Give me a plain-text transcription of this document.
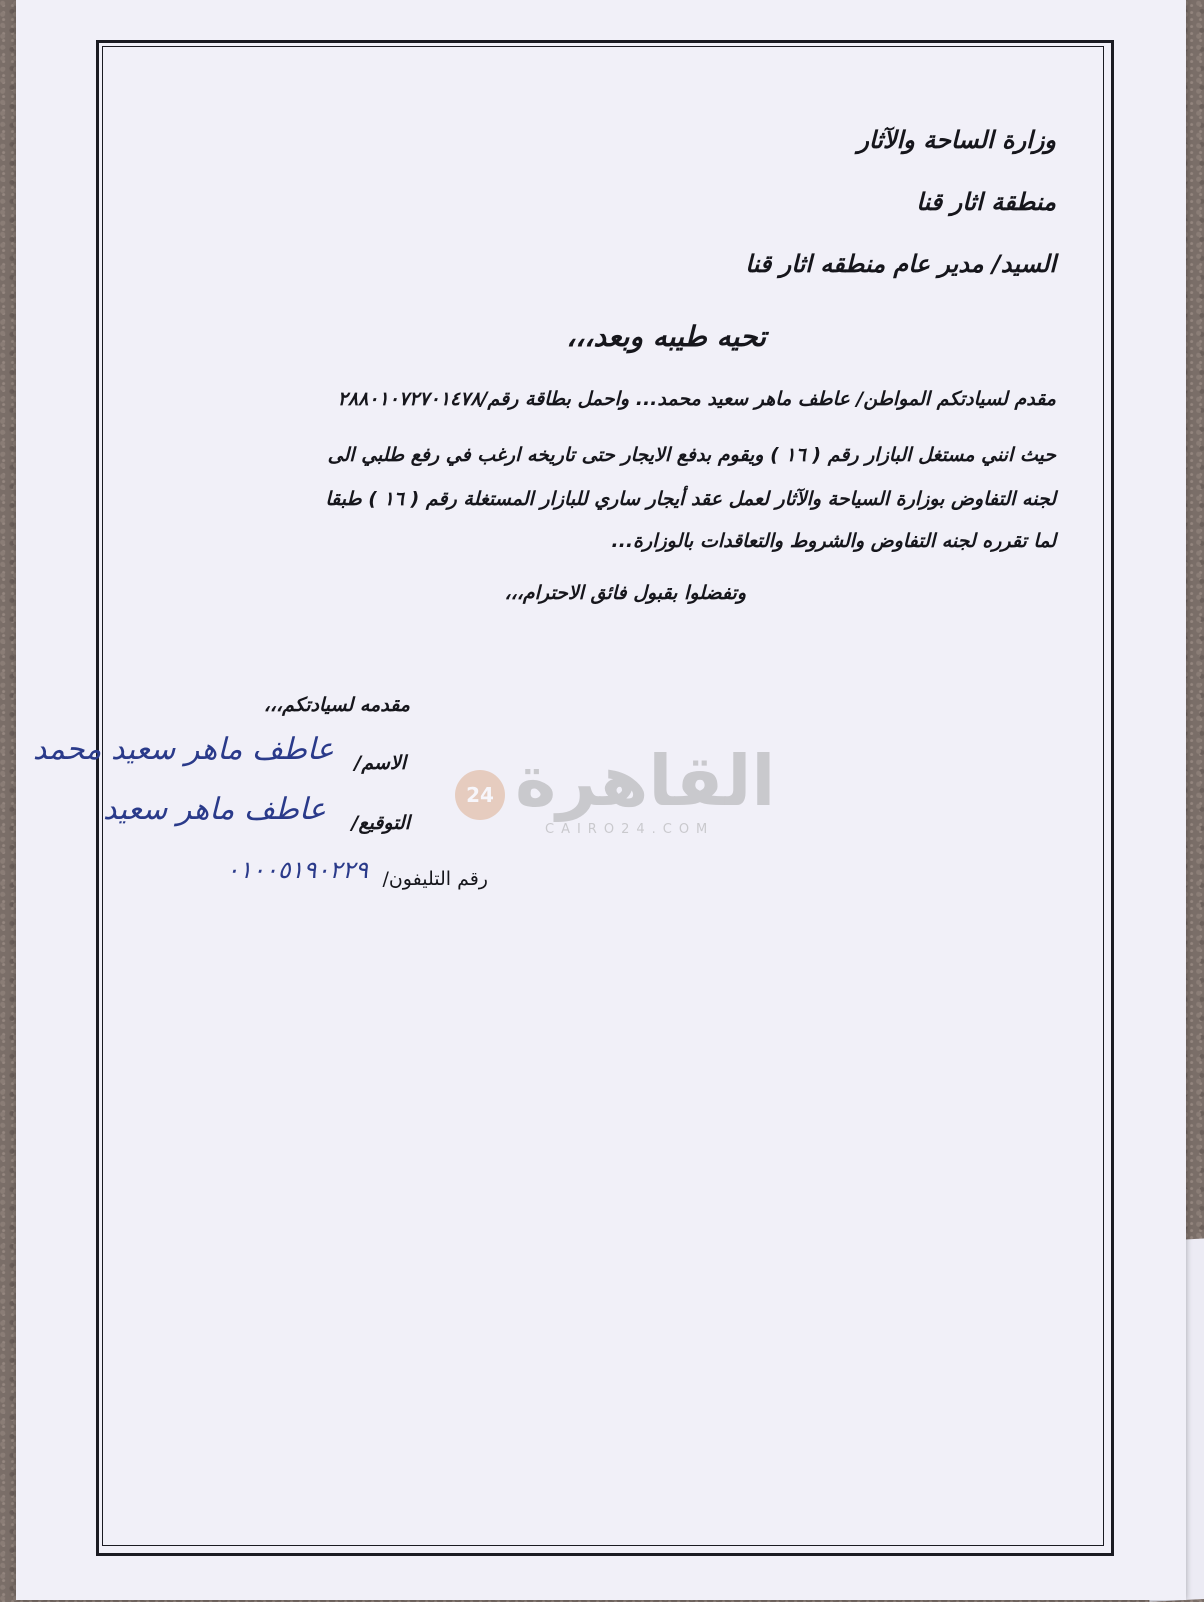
وزارة الساحة والآثار
منطقة اثار قنا
السيد/ مدير عام منطقه اثار قنا
تحيه طيبه وبعد،،،
مقدم لسيادتكم المواطن/ عاطف ماهر سعيد محمد... واحمل بطاقة رقم/٢٨٨٠١٠٧٢٧٠١٤٧٨
حيث انني مستغل البازار رقم ( ١٦ ) ويقوم بدفع الايجار حتى تاريخه ارغب في رفع طلبي الى
لجنه التفاوض بوزارة السياحة والآثار لعمل عقد أيجار ساري للبازار المستغلة رقم ( ١٦ ) طبقا
لما تقرره لجنه التفاوض والشروط والتعاقدات بالوزارة...
وتفضلوا بقبول فائق الاحترام،،،
مقدمه لسيادتكم،،،
الاسم/
عاطف ماهر سعيد محمد
التوقيع/
عاطف ماهر سعيد
رقم التليفون/
٠١٠٠٥١٩٠٢٢٩
24 القاهرة
CAIRO24.COM
